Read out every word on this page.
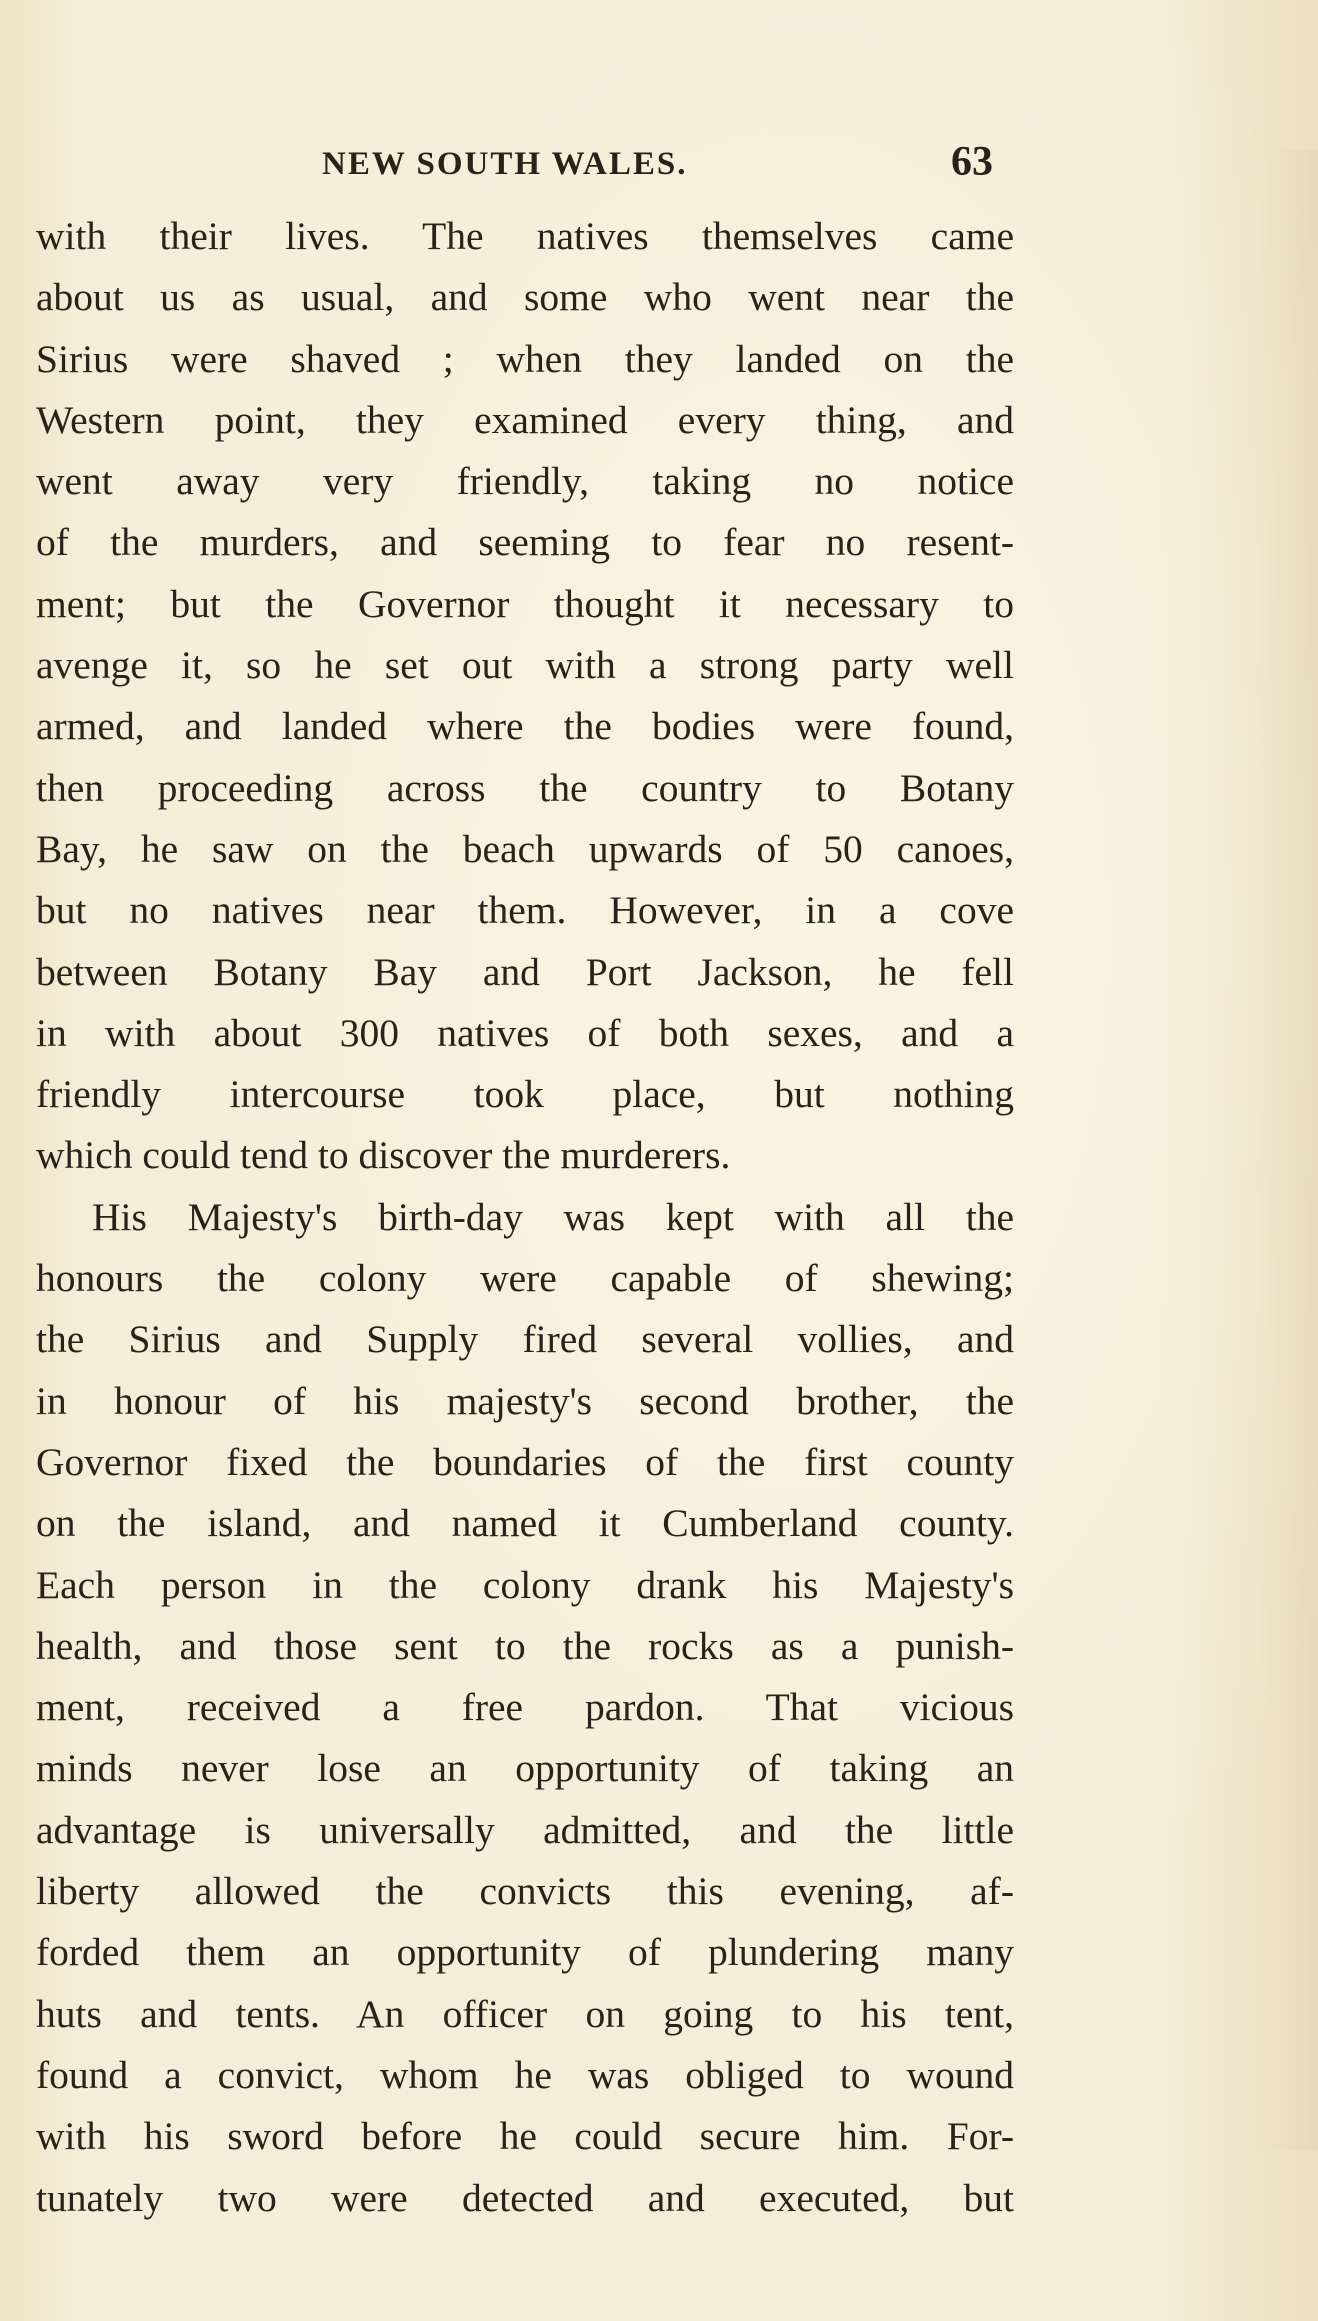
NEW SOUTH WALES.	63
with their lives. The natives themselves came
about us as usual, and some who went near the
Sirius were shaved ; when they landed on the
Western point, they examined every thing, and
went away very friendly, taking no notice
of the murders, and seeming to fear no resent-
ment; but the Governor thought it necessary to
avenge it, so he set out with a strong party well
armed, and landed where the bodies were found,
then proceeding across the country to Botany
Bay, he saw on the beach upwards of 50 canoes,
but no natives near them. However, in a cove
between Botany Bay and Port Jackson, he fell
in with about 300 natives of both sexes, and a
friendly intercourse took place, but nothing
which could tend to discover the murderers.
His Majesty's birth-day was kept with all the
honours the colony were capable of shewing;
the Sirius and Supply fired several vollies, and
in honour of his majesty's second brother, the
Governor fixed the boundaries of the first county
on the island, and named it Cumberland county.
Each person in the colony drank his Majesty's
health, and those sent to the rocks as a punish-
ment, received a free pardon. That vicious
minds never lose an opportunity of taking an
advantage is universally admitted, and the little
liberty allowed the convicts this evening, af-
forded them an opportunity of plundering many
huts and tents. An officer on going to his tent,
found a convict, whom he was obliged to wound
with his sword before he could secure him. For-
tunately two were detected and executed, but
